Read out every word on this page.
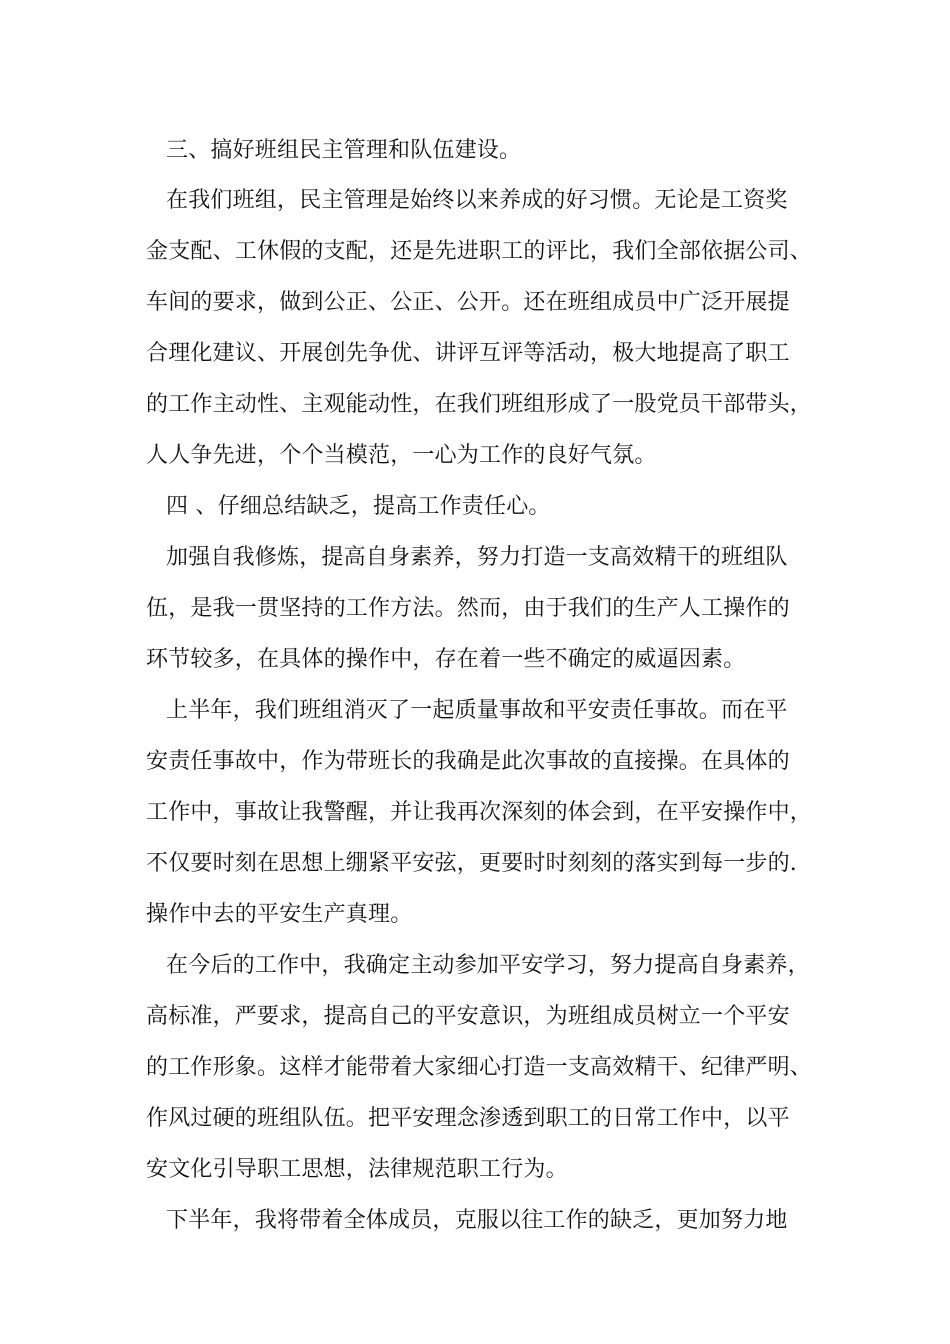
三、搞好班组民主管理和队伍建设。
在我们班组，民主管理是始终以来养成的好习惯。无论是工资奖
金支配、工休假的支配，还是先进职工的评比，我们全部依据公司、
车间的要求，做到公正、公正、公开。还在班组成员中广泛开展提
合理化建议、开展创先争优、讲评互评等活动，极大地提高了职工
的工作主动性、主观能动性，在我们班组形成了一股党员干部带头，
人人争先进，个个当模范，一心为工作的良好气氛。
四 、仔细总结缺乏，提高工作责任心。
加强自我修炼，提高自身素养，努力打造一支高效精干的班组队
伍，是我一贯坚持的工作方法。然而，由于我们的生产人工操作的
环节较多，在具体的操作中，存在着一些不确定的威逼因素。
上半年，我们班组消灭了一起质量事故和平安责任事故。而在平
安责任事故中，作为带班长的我确是此次事故的直接操。在具体的
工作中，事故让我警醒，并让我再次深刻的体会到，在平安操作中，
不仅要时刻在思想上绷紧平安弦，更要时时刻刻的落实到每一步的.
操作中去的平安生产真理。
在今后的工作中，我确定主动参加平安学习，努力提高自身素养，
高标准，严要求，提高自己的平安意识，为班组成员树立一个平安
的工作形象。这样才能带着大家细心打造一支高效精干、纪律严明、
作风过硬的班组队伍。把平安理念渗透到职工的日常工作中，以平
安文化引导职工思想，法律规范职工行为。
下半年，我将带着全体成员，克服以往工作的缺乏，更加努力地
